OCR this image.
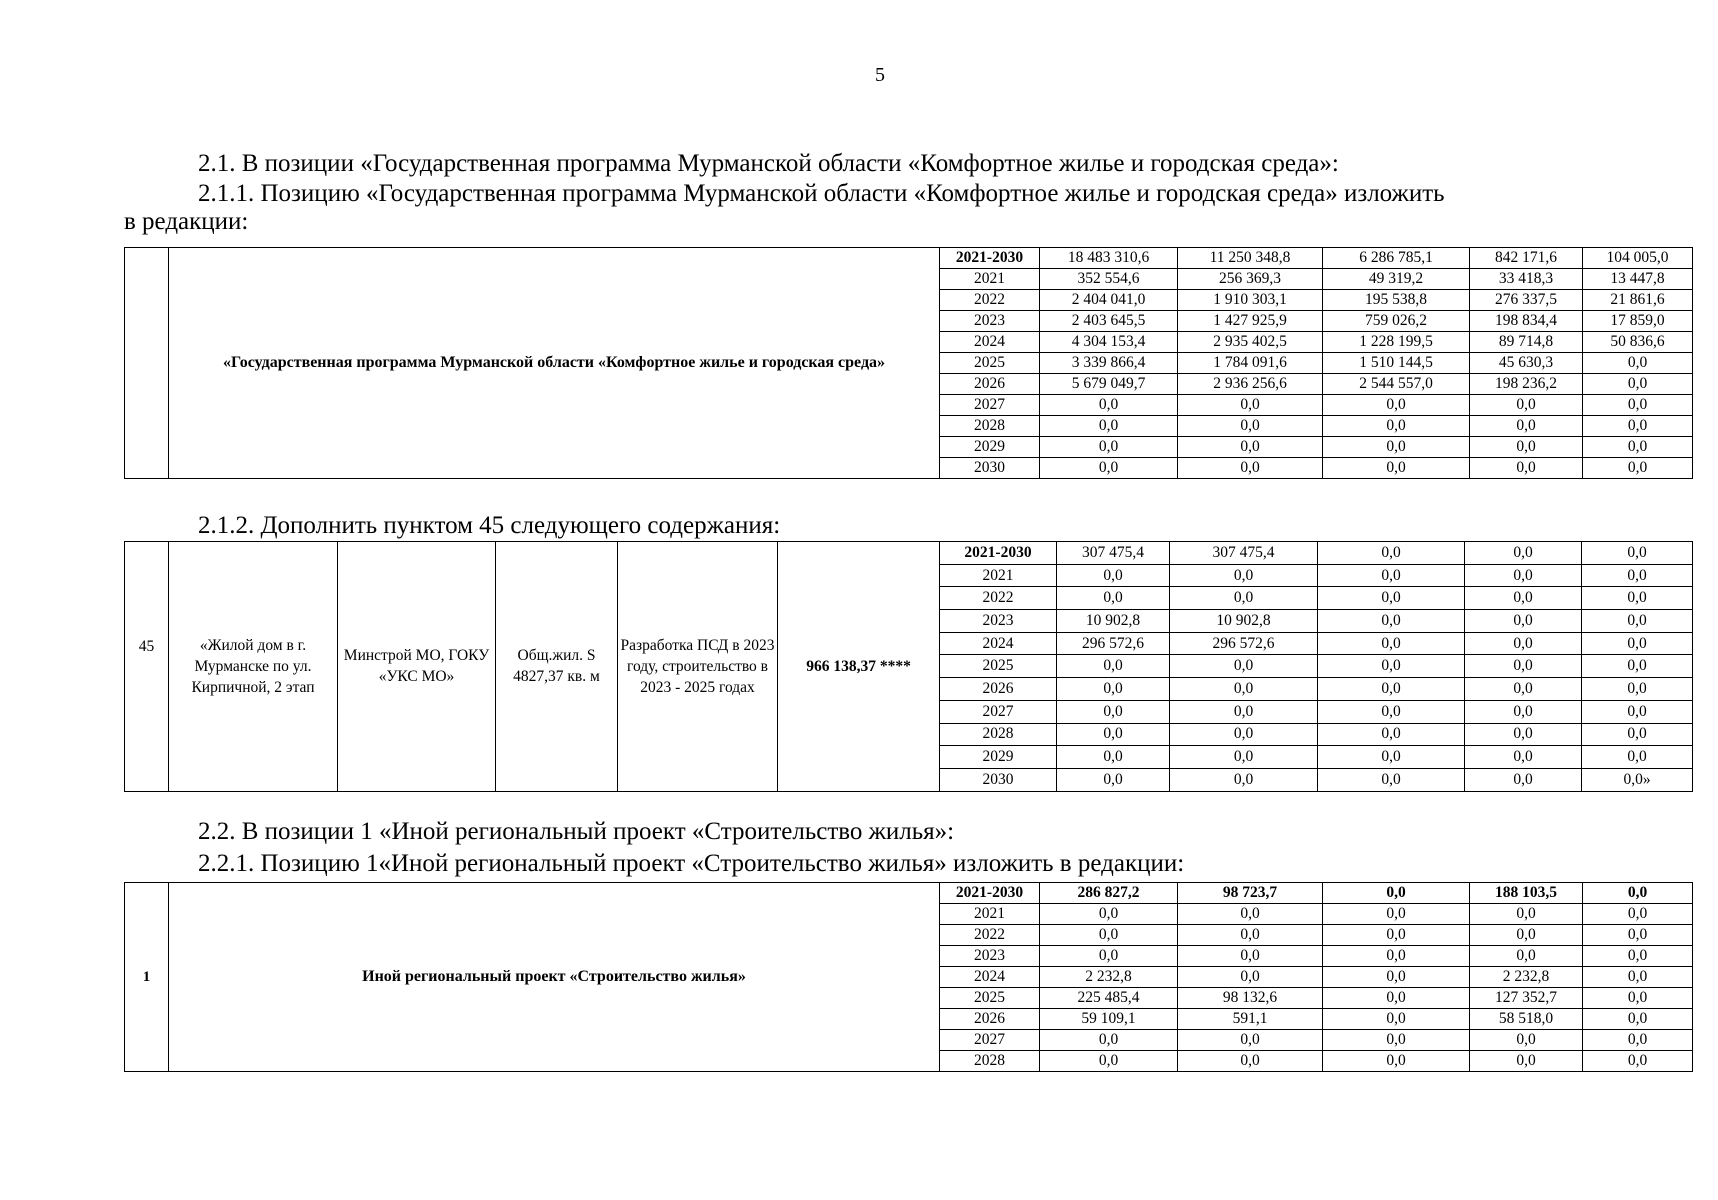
5
2.1. В позиции «Государственная программа Мурманской области «Комфортное жилье и городская среда»:
2.1.1. Позицию «Государственная программа Мурманской области «Комфортное жилье и городская среда» изложить
в редакции:
	«Государственная программа Мурманской области «Комфортное жилье и городская среда»	2021-2030	18 483 310,6	11 250 348,8	6 286 785,1	842 171,6	104 005,0
		2021	352 554,6	256 369,3	49 319,2	33 418,3	13 447,8
		2022	2 404 041,0	1 910 303,1	195 538,8	276 337,5	21 861,6
		2023	2 403 645,5	1 427 925,9	759 026,2	198 834,4	17 859,0
		2024	4 304 153,4	2 935 402,5	1 228 199,5	89 714,8	50 836,6
		2025	3 339 866,4	1 784 091,6	1 510 144,5	45 630,3	0,0
		2026	5 679 049,7	2 936 256,6	2 544 557,0	198 236,2	0,0
		2027	0,0	0,0	0,0	0,0	0,0
		2028	0,0	0,0	0,0	0,0	0,0
		2029	0,0	0,0	0,0	0,0	0,0
		2030	0,0	0,0	0,0	0,0	0,0
2.1.2. Дополнить пунктом 45 следующего содержания:
45	«Жилой дом в г. Мурманске по ул. Кирпичной, 2 этап	Минстрой МО, ГОКУ «УКС МО»	Общ.жил. S 4827,37 кв. м	Разработка ПСД в 2023 году, строительство в 2023 - 2025 годах	966 138,37 ****	2021-2030	307 475,4	307 475,4	0,0	0,0	0,0
						2021	0,0	0,0	0,0	0,0	0,0
						2022	0,0	0,0	0,0	0,0	0,0
						2023	10 902,8	10 902,8	0,0	0,0	0,0
						2024	296 572,6	296 572,6	0,0	0,0	0,0
						2025	0,0	0,0	0,0	0,0	0,0
						2026	0,0	0,0	0,0	0,0	0,0
						2027	0,0	0,0	0,0	0,0	0,0
						2028	0,0	0,0	0,0	0,0	0,0
						2029	0,0	0,0	0,0	0,0	0,0
						2030	0,0	0,0	0,0	0,0	0,0»
2.2. В позиции 1 «Иной региональный проект «Строительство жилья»:
2.2.1. Позицию 1«Иной региональный проект «Строительство жилья» изложить в редакции:
1	Иной региональный проект «Строительство жилья»	2021-2030	286 827,2	98 723,7	0,0	188 103,5	0,0
		2021	0,0	0,0	0,0	0,0	0,0
		2022	0,0	0,0	0,0	0,0	0,0
		2023	0,0	0,0	0,0	0,0	0,0
		2024	2 232,8	0,0	0,0	2 232,8	0,0
		2025	225 485,4	98 132,6	0,0	127 352,7	0,0
		2026	59 109,1	591,1	0,0	58 518,0	0,0
		2027	0,0	0,0	0,0	0,0	0,0
		2028	0,0	0,0	0,0	0,0	0,0
